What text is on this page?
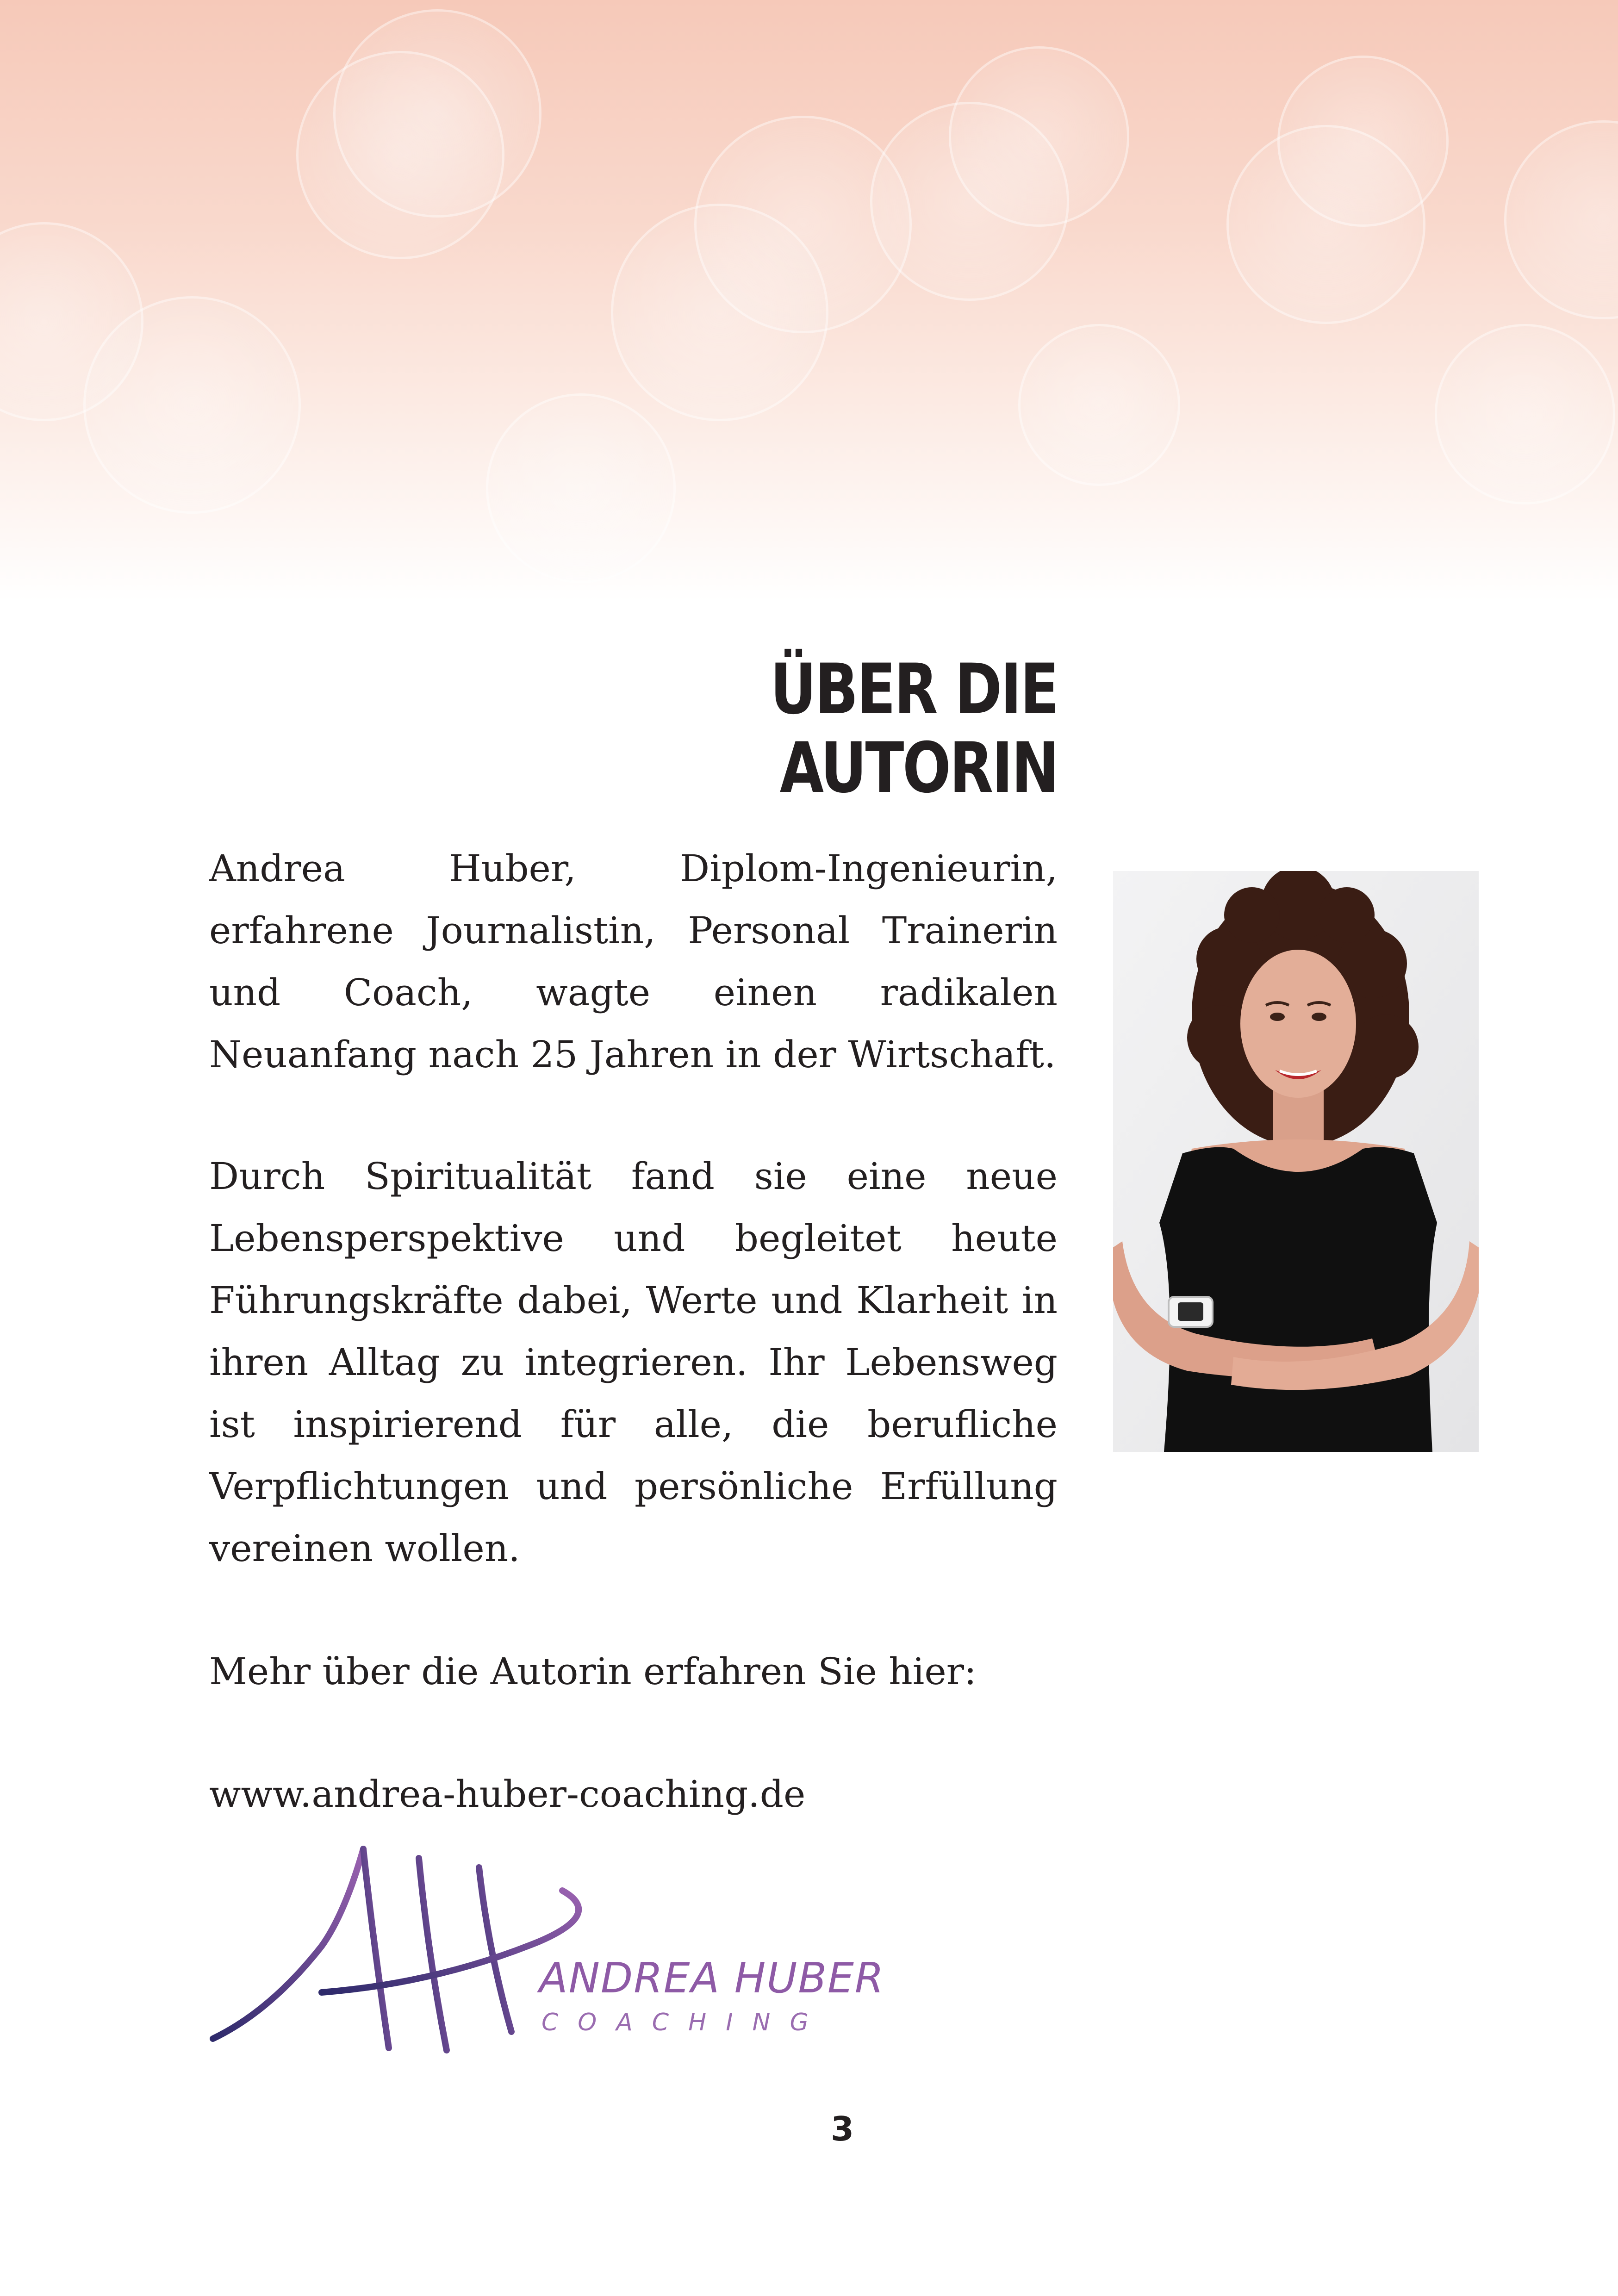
ÜBER DIE AUTORIN

Andrea Huber, Diplom-Ingenieurin, erfahrene Journalistin, Personal Trainerin und Coach, wagte einen radikalen Neuanfang nach 25 Jahren in der Wirtschaft.

Durch Spiritualität fand sie eine neue Lebensperspektive und begleitet heute Führungskräfte dabei, Werte und Klarheit in ihren Alltag zu integrieren. Ihr Lebensweg ist inspirierend für alle, die berufliche Verpflichtungen und persönliche Erfüllung vereinen wollen.

Mehr über die Autorin erfahren Sie hier:

www.andrea-huber-coaching.de

ANDREA HUBER

COACHING

3
